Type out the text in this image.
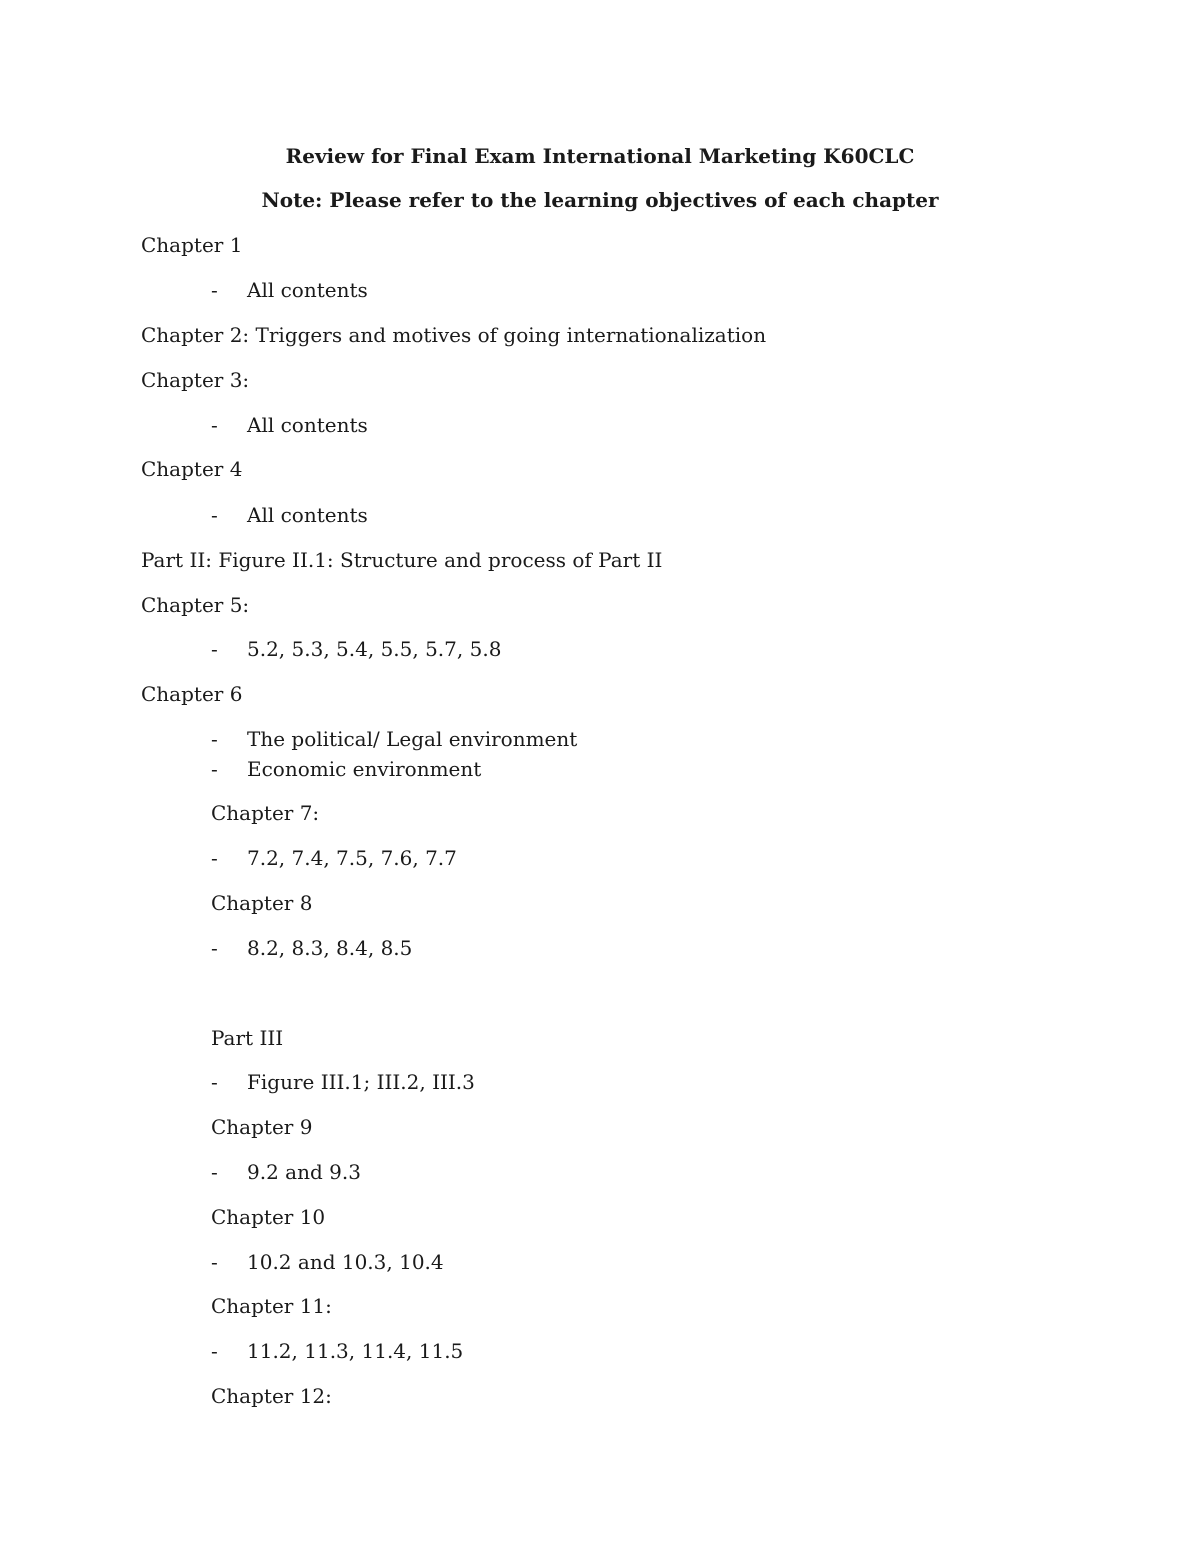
Review for Final Exam International Marketing K60CLC
Note: Please refer to the learning objectives of each chapter
Chapter 1
- All contents
Chapter 2: Triggers and motives of going internationalization
Chapter 3:
- All contents
Chapter 4
- All contents
Part II: Figure II.1: Structure and process of Part II
Chapter 5:
- 5.2, 5.3, 5.4, 5.5, 5.7, 5.8
Chapter 6
- The political/ Legal environment
- Economic environment
Chapter 7:
- 7.2, 7.4, 7.5, 7.6, 7.7
Chapter 8
- 8.2, 8.3, 8.4, 8.5
Part III
- Figure III.1; III.2, III.3
Chapter 9
- 9.2 and 9.3
Chapter 10
- 10.2 and 10.3, 10.4
Chapter 11:
- 11.2, 11.3, 11.4, 11.5
Chapter 12:
